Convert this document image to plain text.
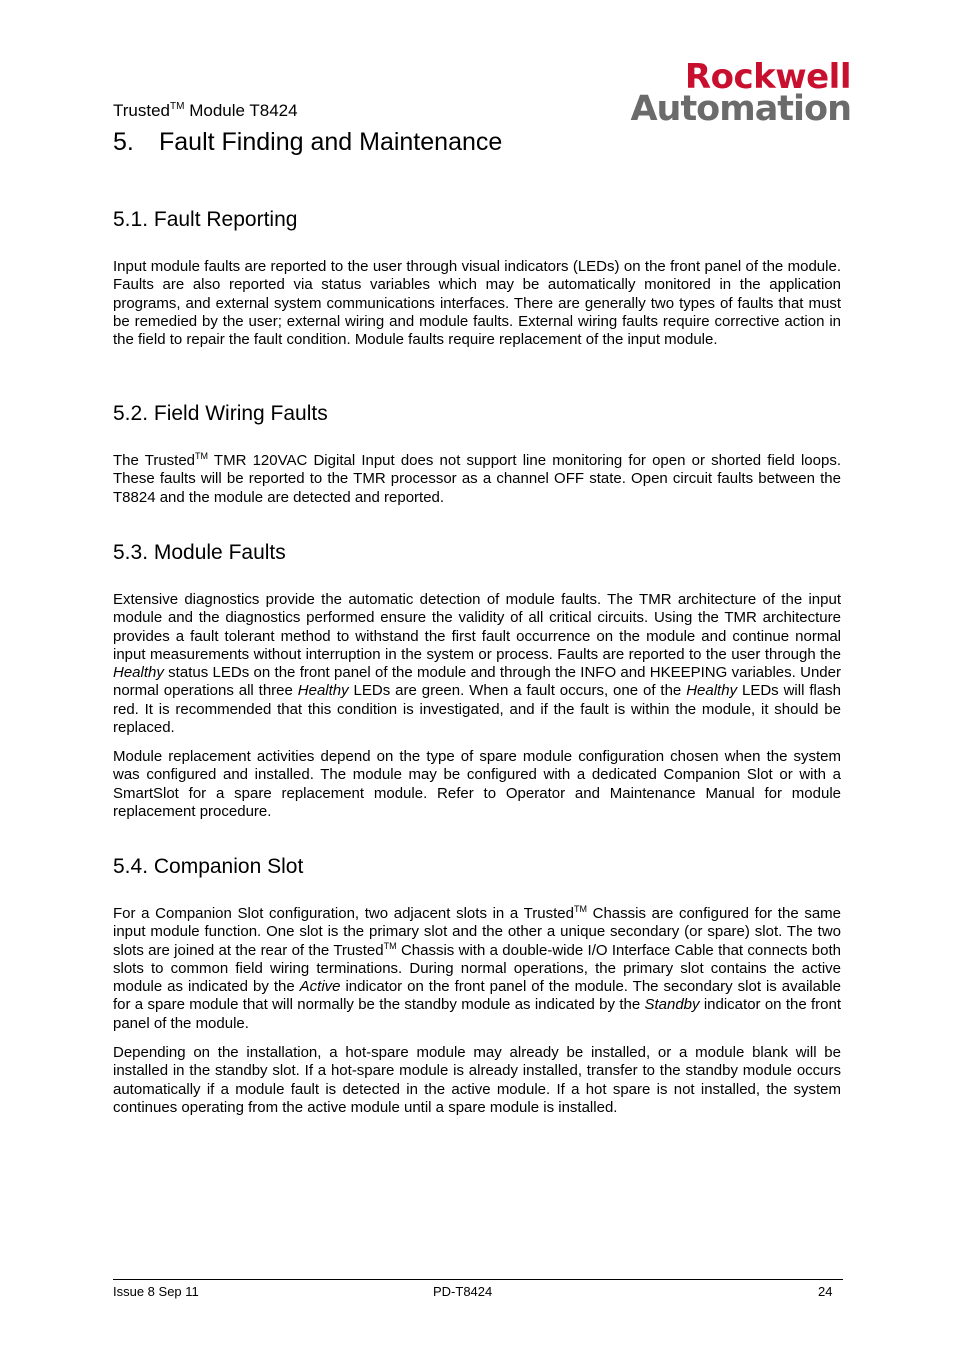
Rockwell
Automation
Trusted™ Module T8424
5. Fault Finding and Maintenance
5.1. Fault Reporting

Input module faults are reported to the user through visual indicators (LEDs) on the front panel of the module. Faults are also reported via status variables which may be automatically monitored in the application programs, and external system communications interfaces. There are generally two types of faults that must be remedied by the user; external wiring and module faults. External wiring faults require corrective action in the field to repair the fault condition. Module faults require replacement of the input module.

5.2. Field Wiring Faults

The Trusted™ TMR 120VAC Digital Input does not support line monitoring for open or shorted field loops. These faults will be reported to the TMR processor as a channel OFF state. Open circuit faults between the T8824 and the module are detected and reported.

5.3. Module Faults

Extensive diagnostics provide the automatic detection of module faults. The TMR architecture of the input module and the diagnostics performed ensure the validity of all critical circuits. Using the TMR architecture provides a fault tolerant method to withstand the first fault occurrence on the module and continue normal input measurements without interruption in the system or process. Faults are reported to the user through the Healthy status LEDs on the front panel of the module and through the INFO and HKEEPING variables. Under normal operations all three Healthy LEDs are green. When a fault occurs, one of the Healthy LEDs will flash red. It is recommended that this condition is investigated, and if the fault is within the module, it should be replaced.

Module replacement activities depend on the type of spare module configuration chosen when the system was configured and installed. The module may be configured with a dedicated Companion Slot or with a SmartSlot for a spare replacement module. Refer to Operator and Maintenance Manual for module replacement procedure.

5.4. Companion Slot

For a Companion Slot configuration, two adjacent slots in a Trusted™ Chassis are configured for the same input module function. One slot is the primary slot and the other a unique secondary (or spare) slot. The two slots are joined at the rear of the Trusted™ Chassis with a double-wide I/O Interface Cable that connects both slots to common field wiring terminations. During normal operations, the primary slot contains the active module as indicated by the Active indicator on the front panel of the module. The secondary slot is available for a spare module that will normally be the standby module as indicated by the Standby indicator on the front panel of the module.

Depending on the installation, a hot-spare module may already be installed, or a module blank will be installed in the standby slot. If a hot-spare module is already installed, transfer to the standby module occurs automatically if a module fault is detected in the active module. If a hot spare is not installed, the system continues operating from the active module until a spare module is installed.

Issue 8 Sep 11	PD-T8424	24
